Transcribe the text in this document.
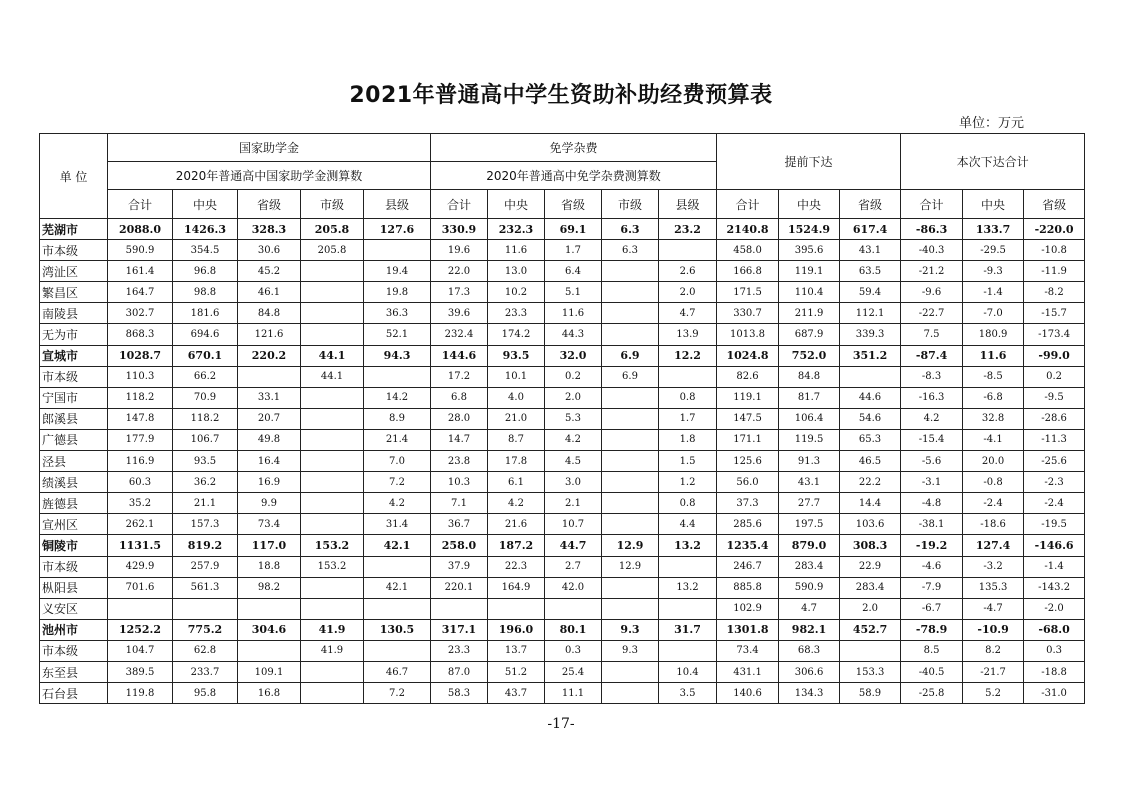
2021年普通高中学生资助补助经费预算表
单位：万元
单 位	国家助学金					免学杂费					提前下达			本次下达合计		
	2020年普通高中国家助学金测算数					2020年普通高中免学杂费测算数										
	合计	中央	省级	市级	县级	合计	中央	省级	市级	县级	合计	中央	省级	合计	中央	省级
芜湖市	2088.0	1426.3	328.3	205.8	127.6	330.9	232.3	69.1	6.3	23.2	2140.8	1524.9	617.4	-86.3	133.7	-220.0
市本级	590.9	354.5	30.6	205.8		19.6	11.6	1.7	6.3		458.0	395.6	43.1	-40.3	-29.5	-10.8
湾沚区	161.4	96.8	45.2		19.4	22.0	13.0	6.4		2.6	166.8	119.1	63.5	-21.2	-9.3	-11.9
繁昌区	164.7	98.8	46.1		19.8	17.3	10.2	5.1		2.0	171.5	110.4	59.4	-9.6	-1.4	-8.2
南陵县	302.7	181.6	84.8		36.3	39.6	23.3	11.6		4.7	330.7	211.9	112.1	-22.7	-7.0	-15.7
无为市	868.3	694.6	121.6		52.1	232.4	174.2	44.3		13.9	1013.8	687.9	339.3	7.5	180.9	-173.4
宣城市	1028.7	670.1	220.2	44.1	94.3	144.6	93.5	32.0	6.9	12.2	1024.8	752.0	351.2	-87.4	11.6	-99.0
市本级	110.3	66.2		44.1		17.2	10.1	0.2	6.9		82.6	84.8		-8.3	-8.5	0.2
宁国市	118.2	70.9	33.1		14.2	6.8	4.0	2.0		0.8	119.1	81.7	44.6	-16.3	-6.8	-9.5
郎溪县	147.8	118.2	20.7		8.9	28.0	21.0	5.3		1.7	147.5	106.4	54.6	4.2	32.8	-28.6
广德县	177.9	106.7	49.8		21.4	14.7	8.7	4.2		1.8	171.1	119.5	65.3	-15.4	-4.1	-11.3
泾县	116.9	93.5	16.4		7.0	23.8	17.8	4.5		1.5	125.6	91.3	46.5	-5.6	20.0	-25.6
绩溪县	60.3	36.2	16.9		7.2	10.3	6.1	3.0		1.2	56.0	43.1	22.2	-3.1	-0.8	-2.3
旌德县	35.2	21.1	9.9		4.2	7.1	4.2	2.1		0.8	37.3	27.7	14.4	-4.8	-2.4	-2.4
宣州区	262.1	157.3	73.4		31.4	36.7	21.6	10.7		4.4	285.6	197.5	103.6	-38.1	-18.6	-19.5
铜陵市	1131.5	819.2	117.0	153.2	42.1	258.0	187.2	44.7	12.9	13.2	1235.4	879.0	308.3	-19.2	127.4	-146.6
市本级	429.9	257.9	18.8	153.2		37.9	22.3	2.7	12.9		246.7	283.4	22.9	-4.6	-3.2	-1.4
枞阳县	701.6	561.3	98.2		42.1	220.1	164.9	42.0		13.2	885.8	590.9	283.4	-7.9	135.3	-143.2
义安区											102.9	4.7	2.0	-6.7	-4.7	-2.0
池州市	1252.2	775.2	304.6	41.9	130.5	317.1	196.0	80.1	9.3	31.7	1301.8	982.1	452.7	-78.9	-10.9	-68.0
市本级	104.7	62.8		41.9		23.3	13.7	0.3	9.3		73.4	68.3		8.5	8.2	0.3
东至县	389.5	233.7	109.1		46.7	87.0	51.2	25.4		10.4	431.1	306.6	153.3	-40.5	-21.7	-18.8
石台县	119.8	95.8	16.8		7.2	58.3	43.7	11.1		3.5	140.6	134.3	58.9	-25.8	5.2	-31.0
-17-
